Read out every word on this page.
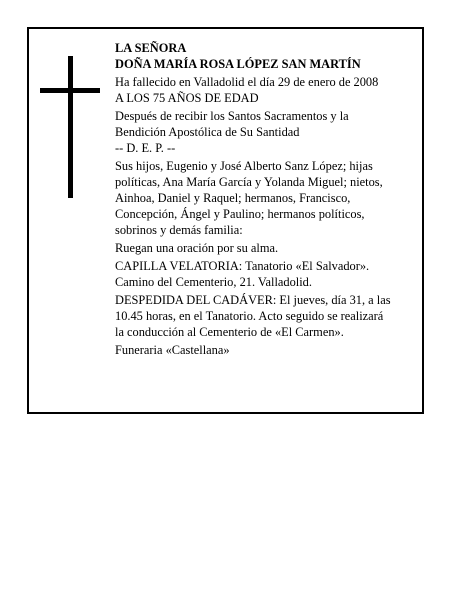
LA SEÑORA
DOÑA MARÍA ROSA LÓPEZ SAN MARTÍN
Ha fallecido en Valladolid el día 29 de enero de 2008
A LOS 75 AÑOS DE EDAD
Después de recibir los Santos Sacramentos y la
Bendición Apostólica de Su Santidad
-- D. E. P. --
Sus hijos, Eugenio y José Alberto Sanz López; hijas
políticas, Ana María García y Yolanda Miguel; nietos,
Ainhoa, Daniel y Raquel; hermanos, Francisco,
Concepción, Ángel y Paulino; hermanos políticos,
sobrinos y demás familia:
Ruegan una oración por su alma.
CAPILLA VELATORIA: Tanatorio «El Salvador».
Camino del Cementerio, 21. Valladolid.
DESPEDIDA DEL CADÁVER: El jueves, día 31, a las
10.45 horas, en el Tanatorio. Acto seguido se realizará
la conducción al Cementerio de «El Carmen».
Funeraria «Castellana»
